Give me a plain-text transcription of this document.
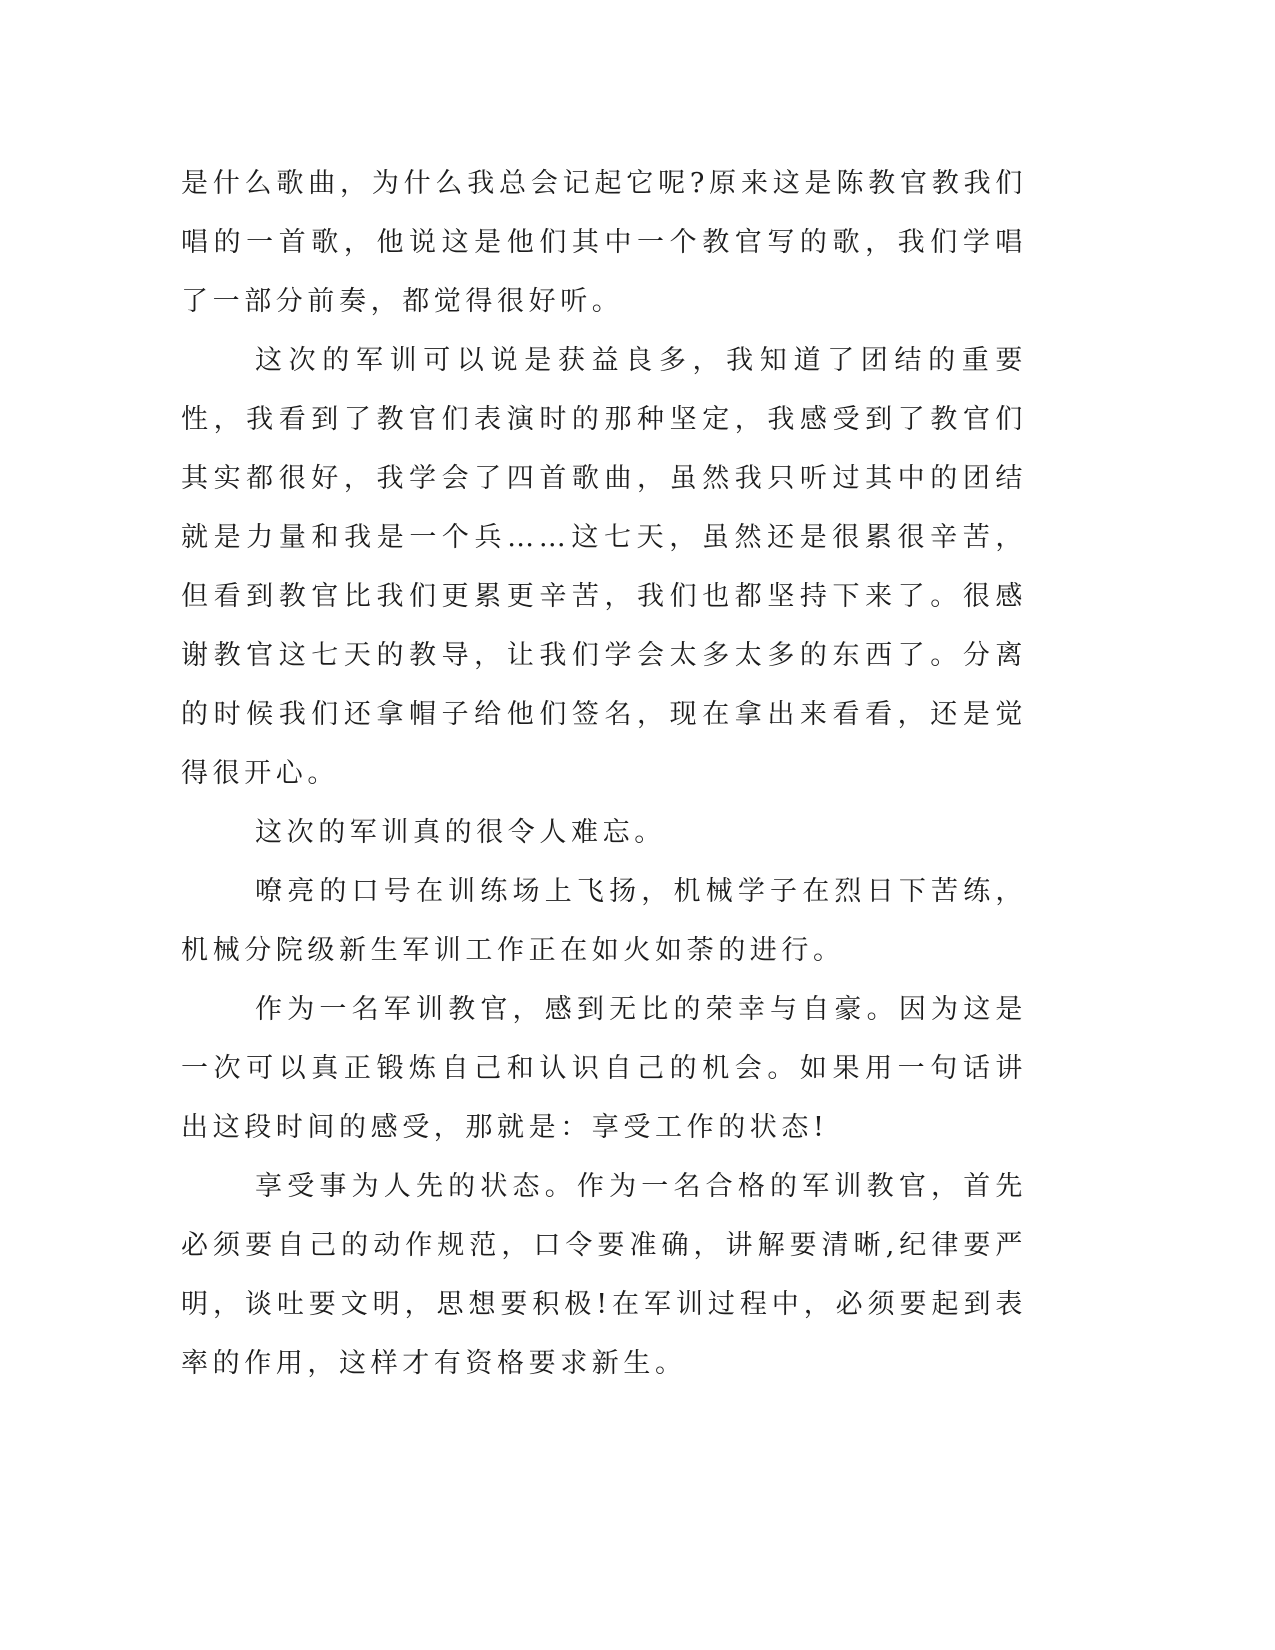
是什么歌曲，为什么我总会记起它呢?原来这是陈教官教我们唱的一首歌，他说这是他们其中一个教官写的歌，我们学唱了一部分前奏，都觉得很好听。

这次的军训可以说是获益良多，我知道了团结的重要性，我看到了教官们表演时的那种坚定，我感受到了教官们其实都很好，我学会了四首歌曲，虽然我只听过其中的团结就是力量和我是一个兵……这七天，虽然还是很累很辛苦，但看到教官比我们更累更辛苦，我们也都坚持下来了。很感谢教官这七天的教导，让我们学会太多太多的东西了。分离的时候我们还拿帽子给他们签名，现在拿出来看看，还是觉得很开心。

这次的军训真的很令人难忘。

嘹亮的口号在训练场上飞扬，机械学子在烈日下苦练，机械分院级新生军训工作正在如火如荼的进行。

作为一名军训教官，感到无比的荣幸与自豪。因为这是一次可以真正锻炼自己和认识自己的机会。如果用一句话讲出这段时间的感受，那就是：享受工作的状态!

享受事为人先的状态。作为一名合格的军训教官，首先必须要自己的动作规范，口令要准确，讲解要清晰,纪律要严明，谈吐要文明，思想要积极!在军训过程中，必须要起到表率的作用，这样才有资格要求新生。
